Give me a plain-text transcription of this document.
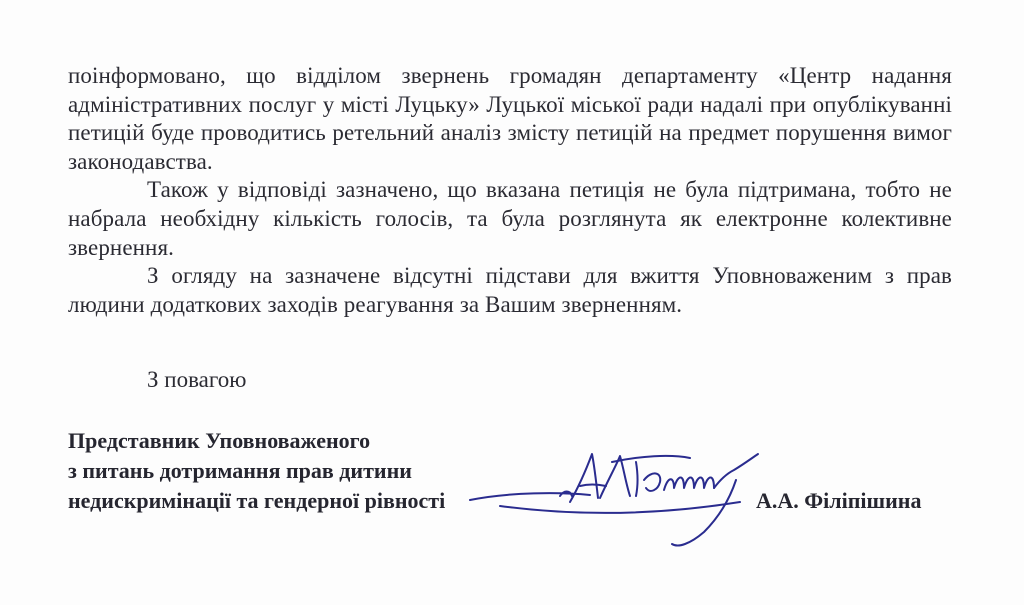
поінформовано, що відділом звернень громадян департаменту «Центр надання адміністративних послуг у місті Луцьку» Луцької міської ради надалі при опублікуванні петицій буде проводитись ретельний аналіз змісту петицій на предмет порушення вимог законодавства.

Також у відповіді зазначено, що вказана петиція не була підтримана, тобто не набрала необхідну кількість голосів, та була розглянута як електронне колективне звернення.

З огляду на зазначене відсутні підстави для вжиття Уповноваженим з прав людини додаткових заходів реагування за Вашим зверненням.

З повагою
Представник Уповноваженого
з питань дотримання прав дитини
недискримінації та гендерної рівності	А.А. Філіпішина
